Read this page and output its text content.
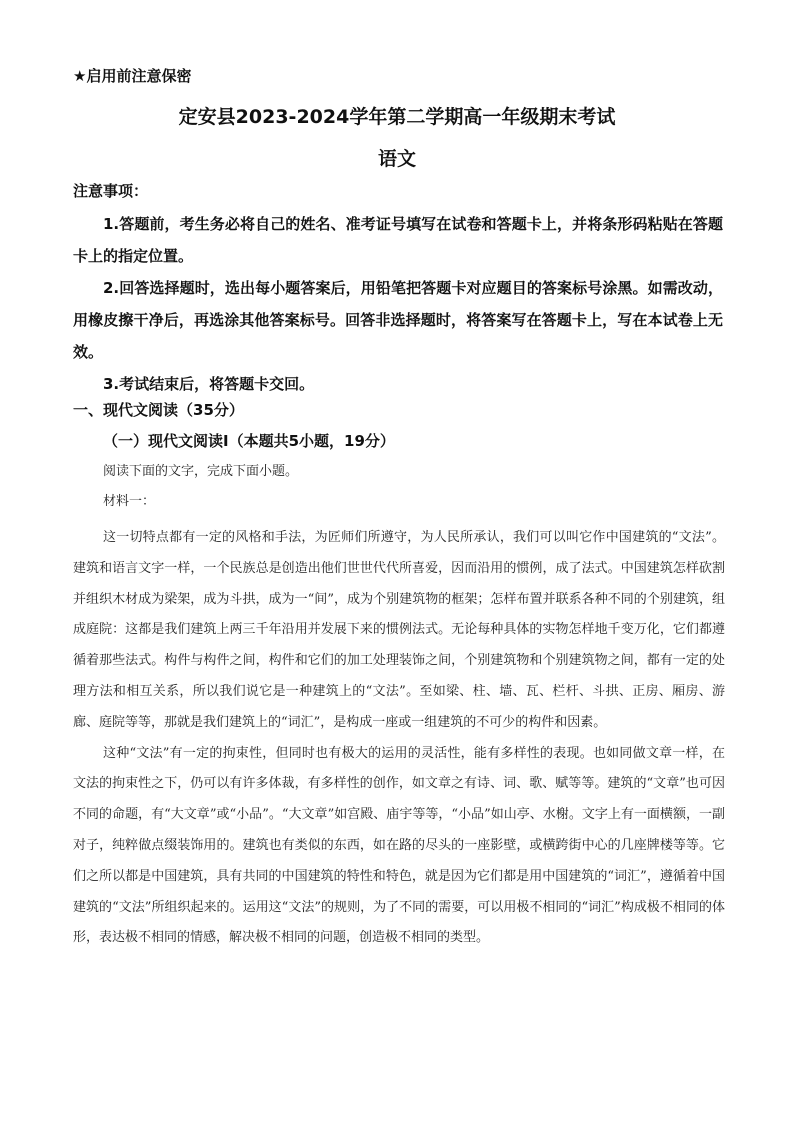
★启用前注意保密
定安县2023-2024学年第二学期高一年级期末考试
语文
注意事项：

1.答题前，考生务必将自己的姓名、准考证号填写在试卷和答题卡上，并将条形码粘贴在答题卡上的指定位置。

2.回答选择题时，选出每小题答案后，用铅笔把答题卡对应题目的答案标号涂黑。如需改动，用橡皮擦干净后，再选涂其他答案标号。回答非选择题时，将答案写在答题卡上，写在本试卷上无效。

3.考试结束后，将答题卡交回。

一、现代文阅读（35分）
（一）现代文阅读Ⅰ（本题共5小题，19分）
阅读下面的文字，完成下面小题。
材料一：

这一切特点都有一定的风格和手法，为匠师们所遵守，为人民所承认，我们可以叫它作中国建筑的“文法”。建筑和语言文字一样，一个民族总是创造出他们世世代代所喜爱，因而沿用的惯例，成了法式。中国建筑怎样砍割并组织木材成为梁架，成为斗拱，成为一“间”，成为个别建筑物的框架；怎样布置并联系各种不同的个别建筑，组成庭院：这都是我们建筑上两三千年沿用并发展下来的惯例法式。无论每种具体的实物怎样地千变万化，它们都遵循着那些法式。构件与构件之间，构件和它们的加工处理装饰之间，个别建筑物和个别建筑物之间，都有一定的处理方法和相互关系，所以我们说它是一种建筑上的“文法”。至如梁、柱、墙、瓦、栏杆、斗拱、正房、厢房、游廊、庭院等等，那就是我们建筑上的“词汇”，是构成一座或一组建筑的不可少的构件和因素。

这种“文法”有一定的拘束性，但同时也有极大的运用的灵活性，能有多样性的表现。也如同做文章一样，在文法的拘束性之下，仍可以有许多体裁，有多样性的创作，如文章之有诗、词、歌、赋等等。建筑的“文章”也可因不同的命题，有“大文章”或“小品”。“大文章”如宫殿、庙宇等等，“小品”如山亭、水榭。文字上有一面横额，一副对子，纯粹做点缀装饰用的。建筑也有类似的东西，如在路的尽头的一座影壁，或横跨街中心的几座牌楼等等。它们之所以都是中国建筑，具有共同的中国建筑的特性和特色，就是因为它们都是用中国建筑的“词汇”，遵循着中国建筑的“文法”所组织起来的。运用这“文法”的规则，为了不同的需要，可以用极不相同的“词汇”构成极不相同的体形，表达极不相同的情感，解决极不相同的问题，创造极不相同的类型。
